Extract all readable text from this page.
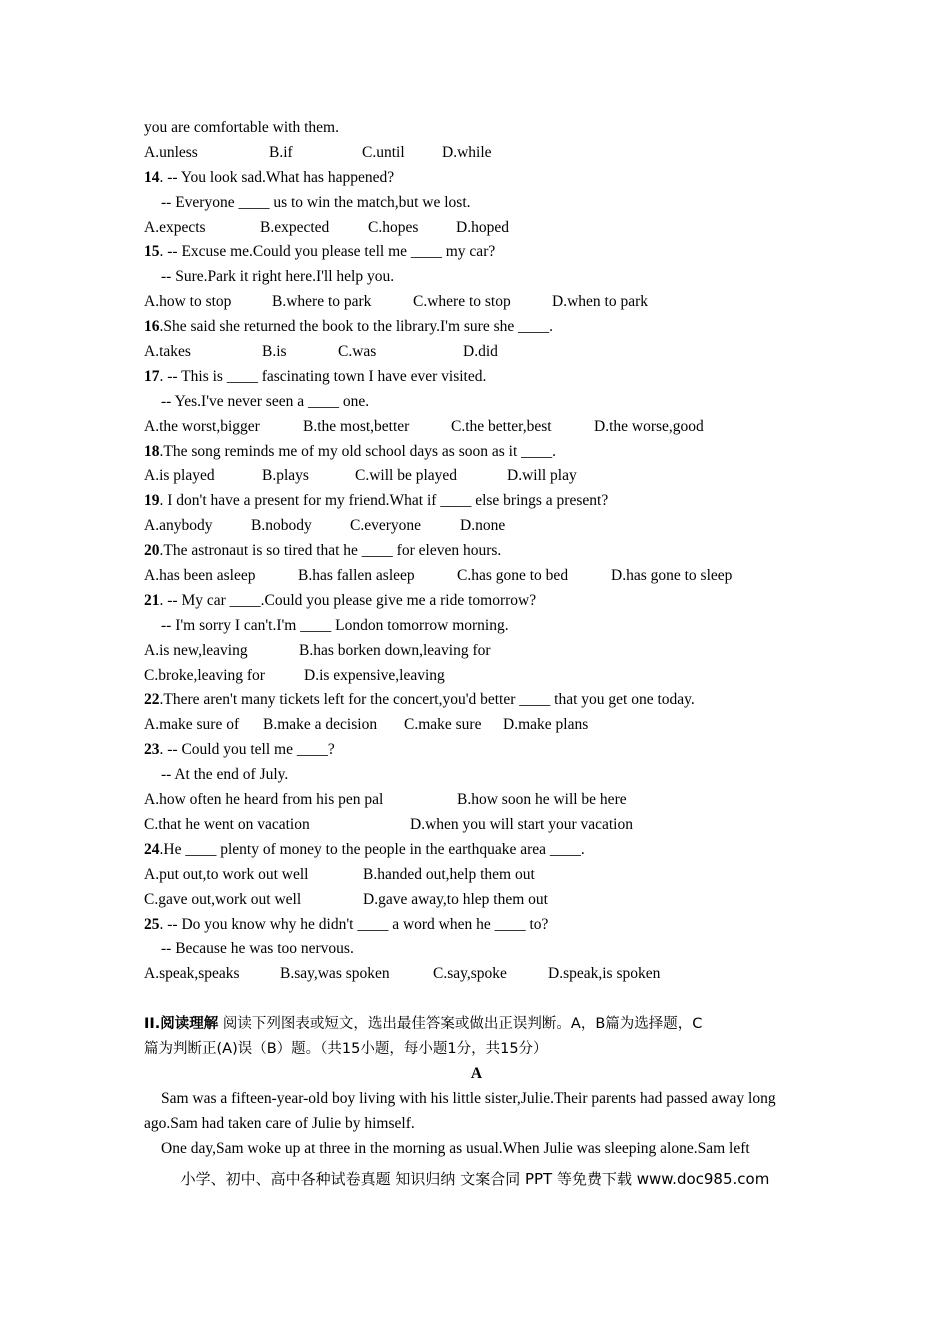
you are comfortable with them.
A.unless	B.if	C.until D.while
14. -- You look sad.What has happened?
-- Everyone ____ us to win the match,but we lost.
A.expects	B.expected C.hopes D.hoped
15. -- Excuse me.Could you please tell me ____ my car?
-- Sure.Park it right here.I'll help you.
A.how to stop	B.where to park	C.where to stop	D.when to park
16.She said she returned the book to the library.I'm sure she ____.
A.takes	B.is	C.was	D.did
17. -- This is ____ fascinating town I have ever visited.
-- Yes.I've never seen a ____ one.
A.the worst,bigger	B.the most,better	C.the better,best	D.the worse,good
18.The song reminds me of my old school days as soon as it ____.
A.is played	B.plays	C.will be played	D.will play
19. I don't have a present for my friend.What if ____ else brings a present?
A.anybody B.nobody C.everyone	D.none
20.The astronaut is so tired that he ____ for eleven hours.
A.has been asleep	B.has fallen asleep	C.has gone to bed	D.has gone to sleep
21. -- My car ____.Could you please give me a ride tomorrow?
-- I'm sorry I can't.I'm ____ London tomorrow morning.
A.is new,leaving	B.has borken down,leaving for
C.broke,leaving for	D.is expensive,leaving
22.There aren't many tickets left for the concert,you'd better ____ that you get one today.
A.make sure of B.make a decision C.make sure D.make plans
23. -- Could you tell me ____?
-- At the end of July.
A.how often he heard from his pen pal	B.how soon he will be here
C.that he went on vacation	D.when you will start your vacation
24.He ____ plenty of money to the people in the earthquake area ____.
A.put out,to work out well	B.handed out,help them out
C.gave out,work out well	D.gave away,to hlep them out
25. -- Do you know why he didn't ____ a word when he ____ to?
-- Because he was too nervous.
A.speak,speaks	B.say,was spoken	C.say,spoke	D.speak,is spoken
II.阅读理解 阅读下列图表或短文，选出最佳答案或做出正误判断。A，B篇为选择题，C
篇为判断正(A)误（B）题。（共15小题，每小题1分，共15分）
A
Sam was a fifteen-year-old boy living with his little sister,Julie.Their parents had passed away long ago.Sam had taken care of Julie by himself.
One day,Sam woke up at three in the morning as usual.When Julie was sleeping alone.Sam left
小学、初中、高中各种试卷真题 知识归纳 文案合同 PPT 等免费下载 www.doc985.com
